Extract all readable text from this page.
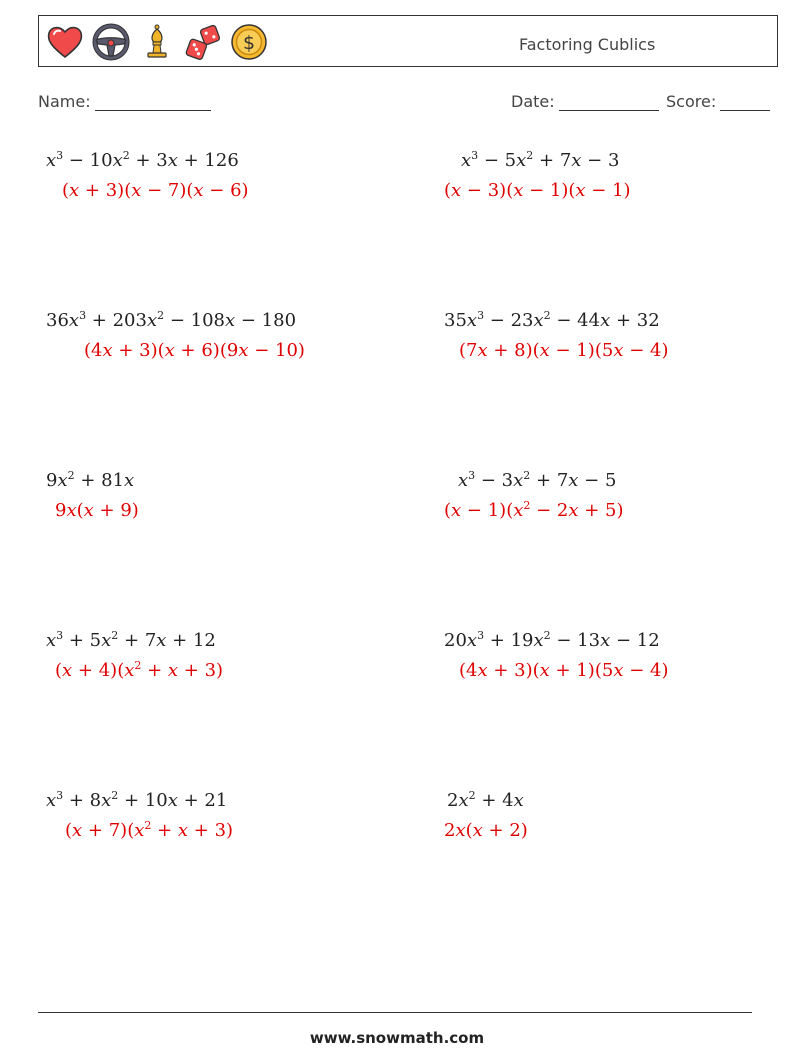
$	Factoring Cublics
Name:	Date:	Score:
$x^3 - 10x^2 + 3x + 126$
(x + 3)(x − 7)(x − 6)
$x^3 - 5x^2 + 7x - 3$
(x − 3)(x − 1)(x − 1)
$36x^3 + 203x^2 - 108x - 180$
(4x + 3)(x + 6)(9x − 10)
$35x^3 - 23x^2 - 44x + 32$
(7x + 8)(x − 1)(5x − 4)
$9x^2 + 81x$
9x(x + 9)
$x^3 - 3x^2 + 7x - 5$
$(x - 1)(x^2 - 2x + 5)$
$x^3 + 5x^2 + 7x + 12$
$(x + 4)(x^2 + x + 3)$
$20x^3 + 19x^2 - 13x - 12$
(4x + 3)(x + 1)(5x − 4)
$x^3 + 8x^2 + 10x + 21$
$(x + 7)(x^2 + x + 3)$
$2x^2 + 4x$
2x(x + 2)
www.snowmath.com
